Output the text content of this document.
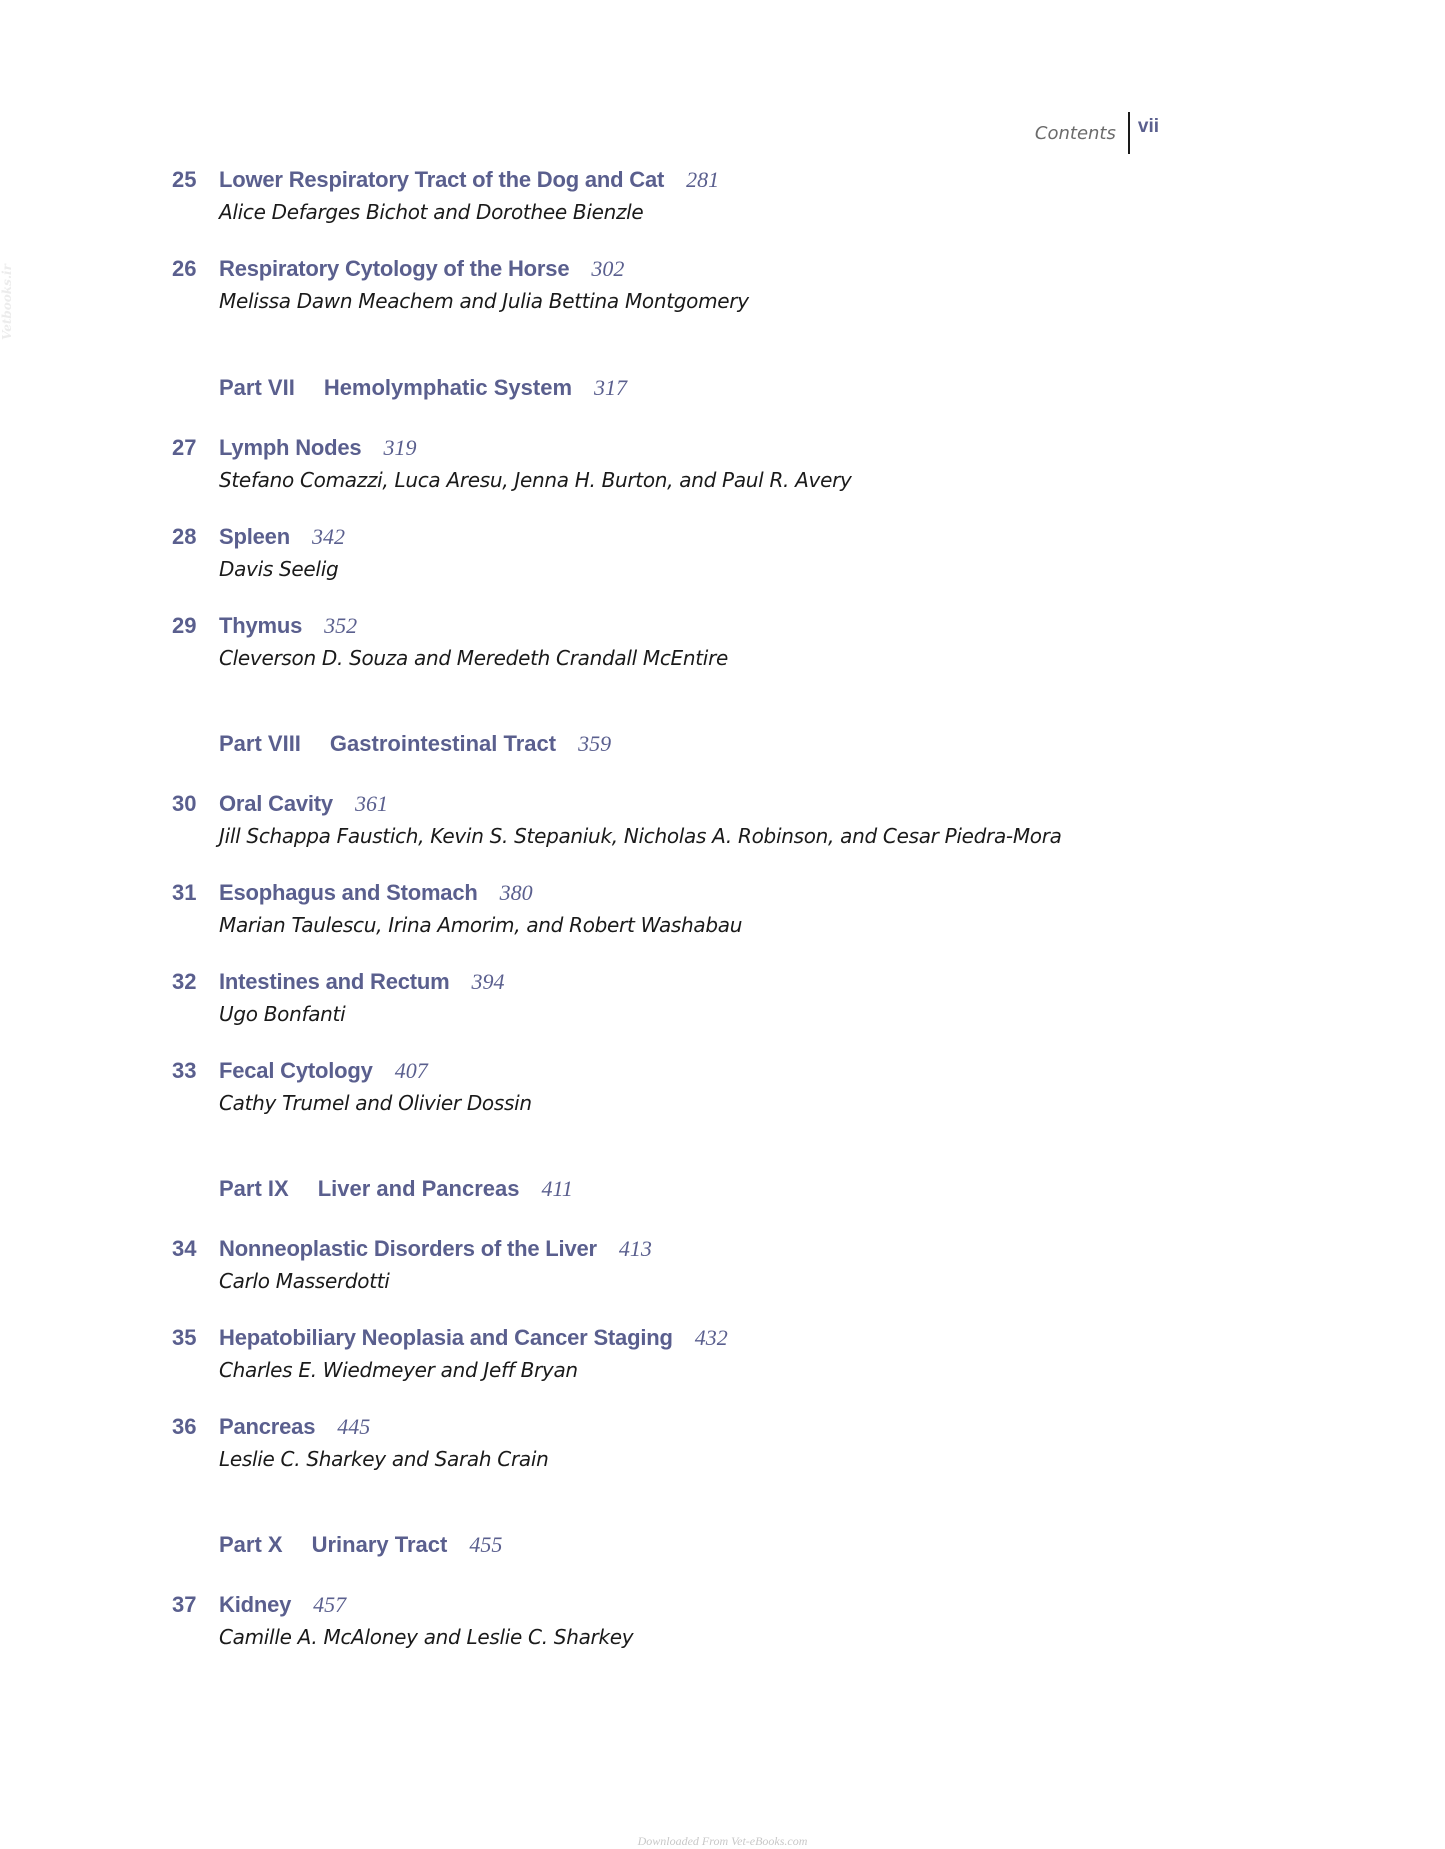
Contents	vii
Vetbooks.ir
25	Lower Respiratory Tract of the Dog and Cat 281
Alice Defarges Bichot and Dorothee Bienzle
26	Respiratory Cytology of the Horse 302
Melissa Dawn Meachem and Julia Bettina Montgomery
Part VII Hemolymphatic System 317
27	Lymph Nodes 319
Stefano Comazzi, Luca Aresu, Jenna H. Burton, and Paul R. Avery
28	Spleen 342
Davis Seelig
29	Thymus 352
Cleverson D. Souza and Meredeth Crandall McEntire
Part VIII Gastrointestinal Tract 359
30	Oral Cavity 361
Jill Schappa Faustich, Kevin S. Stepaniuk, Nicholas A. Robinson, and Cesar Piedra-Mora
31	Esophagus and Stomach 380
Marian Taulescu, Irina Amorim, and Robert Washabau
32	Intestines and Rectum 394
Ugo Bonfanti
33	Fecal Cytology 407
Cathy Trumel and Olivier Dossin
Part IX Liver and Pancreas 411
34	Nonneoplastic Disorders of the Liver 413
Carlo Masserdotti
35	Hepatobiliary Neoplasia and Cancer Staging 432
Charles E. Wiedmeyer and Jeff Bryan
36	Pancreas 445
Leslie C. Sharkey and Sarah Crain
Part X Urinary Tract 455
37	Kidney 457
Camille A. McAloney and Leslie C. Sharkey
Downloaded From Vet-eBooks.com
